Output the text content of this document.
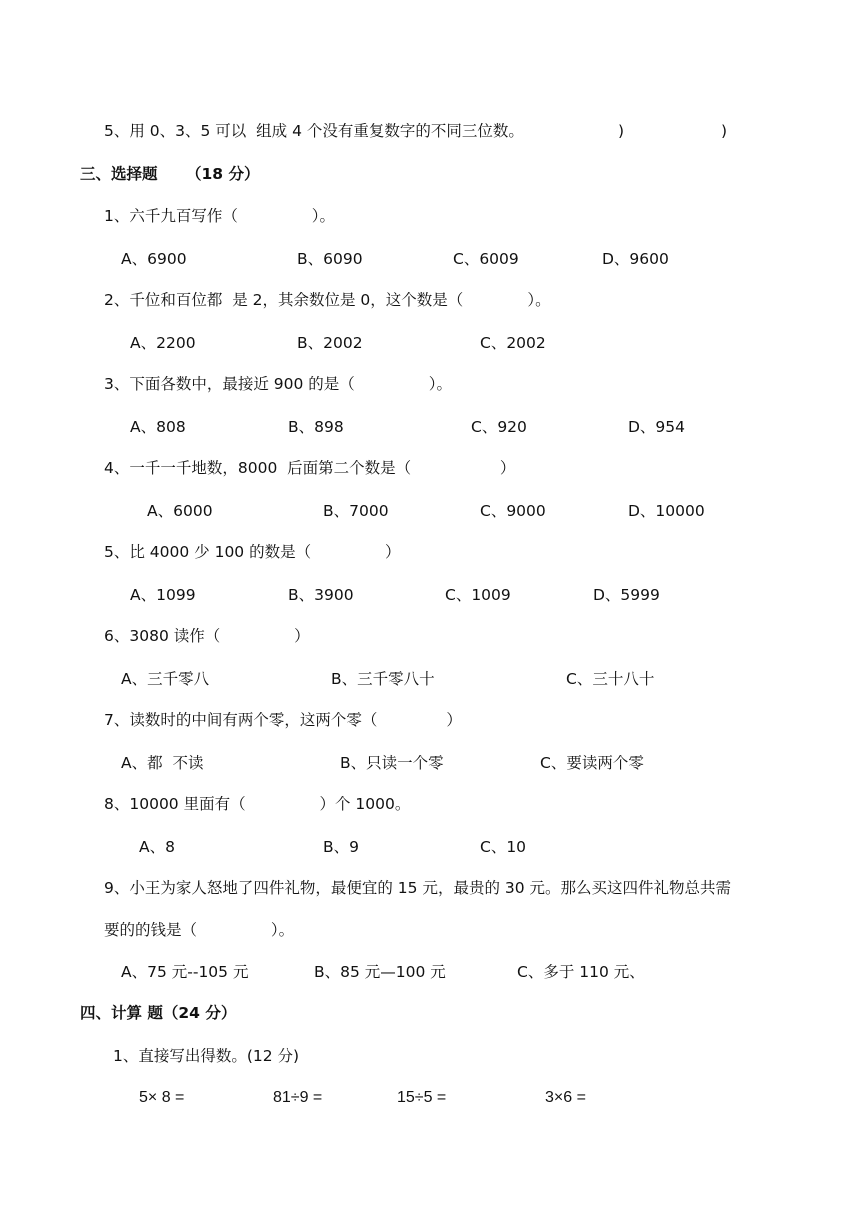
5、用 0、3、5 可以  组成 4 个没有重复数字的不同三位数。	)	)
三、选择题 （18 分）
1、六千九百写作（               ）。
A、6900	B、6090	C、6009	D、9600
2、千位和百位都  是 2，其余数位是 0，这个数是（             ）。
A、2200	B、2002	C、2002
3、下面各数中，最接近 900 的是（               ）。
A、808	B、898	C、920	D、954
4、一千一千地数，8000  后面第二个数是（                  ）
A、6000	B、7000	C、9000	D、10000
5、比 4000 少 100 的数是（               ）
A、1099	B、3900	C、1009	D、5999
6、3080 读作（               ）
A、三千零八	B、三千零八十	C、三十八十
7、读数时的中间有两个零，这两个零（              ）
A、都  不读	B、只读一个零	C、要读两个零
8、10000 里面有（               ）个 1000。
A、8	B、9	C、10
9、小王为家人怒地了四件礼物，最便宜的 15 元，最贵的 30 元。那么买这四件礼物总共需
要的的钱是（               ）。
A、75 元--105 元	B、85 元—100 元	C、多于 110 元、
四、计算 题（24 分）
1、直接写出得数。(12 分)
5× 8 =	81÷9 =	15÷5 =	3×6 =
